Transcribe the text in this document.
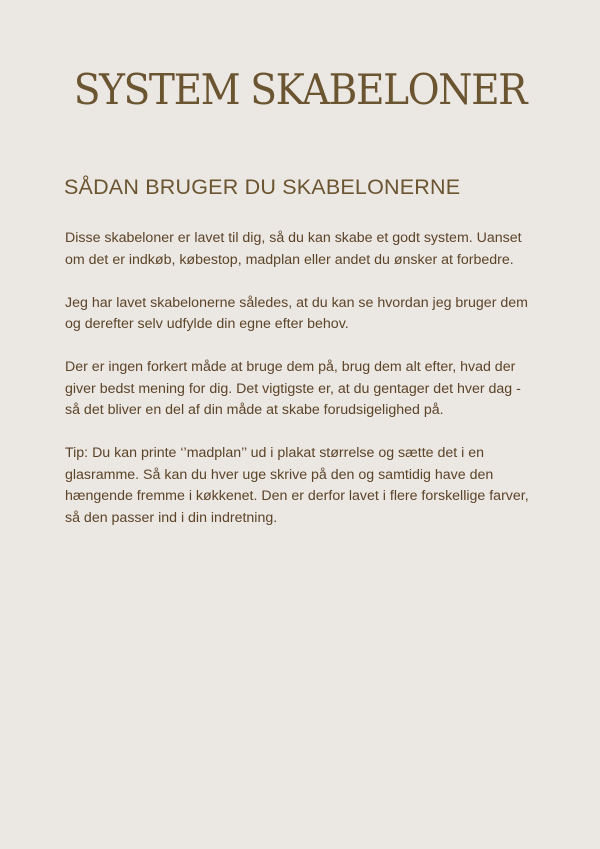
SYSTEM SKABELONER
SÅDAN BRUGER DU SKABELONERNE

Disse skabeloner er lavet til dig, så du kan skabe et godt system. Uanset
om det er indkøb, købestop, madplan eller andet du ønsker at forbedre.

Jeg har lavet skabelonerne således, at du kan se hvordan jeg bruger dem
og derefter selv udfylde din egne efter behov.

Der er ingen forkert måde at bruge dem på, brug dem alt efter, hvad der
giver bedst mening for dig. Det vigtigste er, at du gentager det hver dag -
så det bliver en del af din måde at skabe forudsigelighed på.

Tip: Du kan printe ‘’madplan’’ ud i plakat størrelse og sætte det i en
glasramme. Så kan du hver uge skrive på den og samtidig have den
hængende fremme i køkkenet. Den er derfor lavet i flere forskellige farver,
så den passer ind i din indretning.
